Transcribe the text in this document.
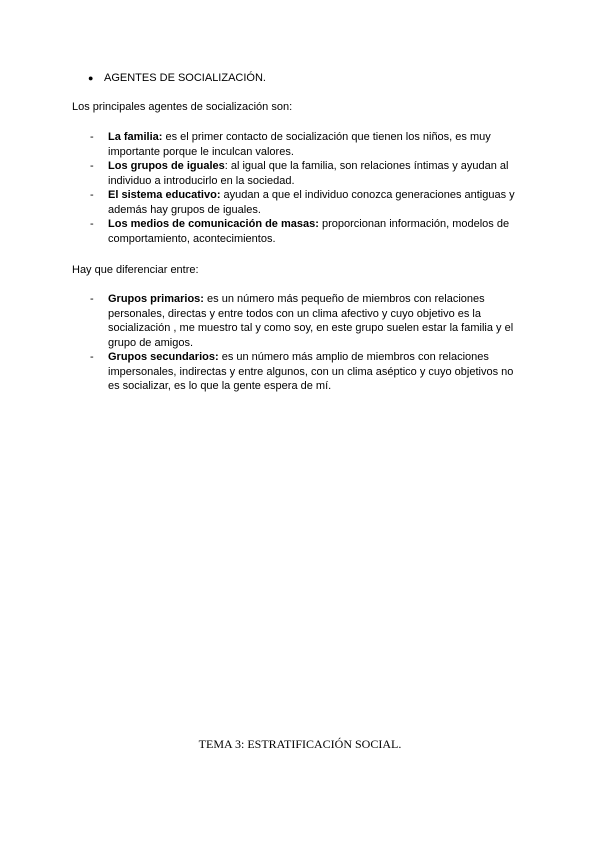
● AGENTES DE SOCIALIZACIÓN.
Los principales agentes de socialización son:
- La familia: es el primer contacto de socialización que tienen los niños, es muy importante porque le inculcan valores.
- Los grupos de iguales: al igual que la familia, son relaciones íntimas y ayudan al individuo a introducirlo en la sociedad.
- El sistema educativo: ayudan a que el individuo conozca generaciones antiguas y además hay grupos de iguales.
- Los medios de comunicación de masas: proporcionan información, modelos de comportamiento, acontecimientos.
Hay que diferenciar entre:
- Grupos primarios: es un número más pequeño de miembros con relaciones personales, directas y entre todos con un clima afectivo y cuyo objetivo es la socialización , me muestro tal y como soy, en este grupo suelen estar la familia y el grupo de amigos.
- Grupos secundarios: es un número más amplio de miembros con relaciones impersonales, indirectas y entre algunos, con un clima aséptico y cuyo objetivos no es socializar, es lo que la gente espera de mí.
TEMA 3: ESTRATIFICACIÓN SOCIAL.
